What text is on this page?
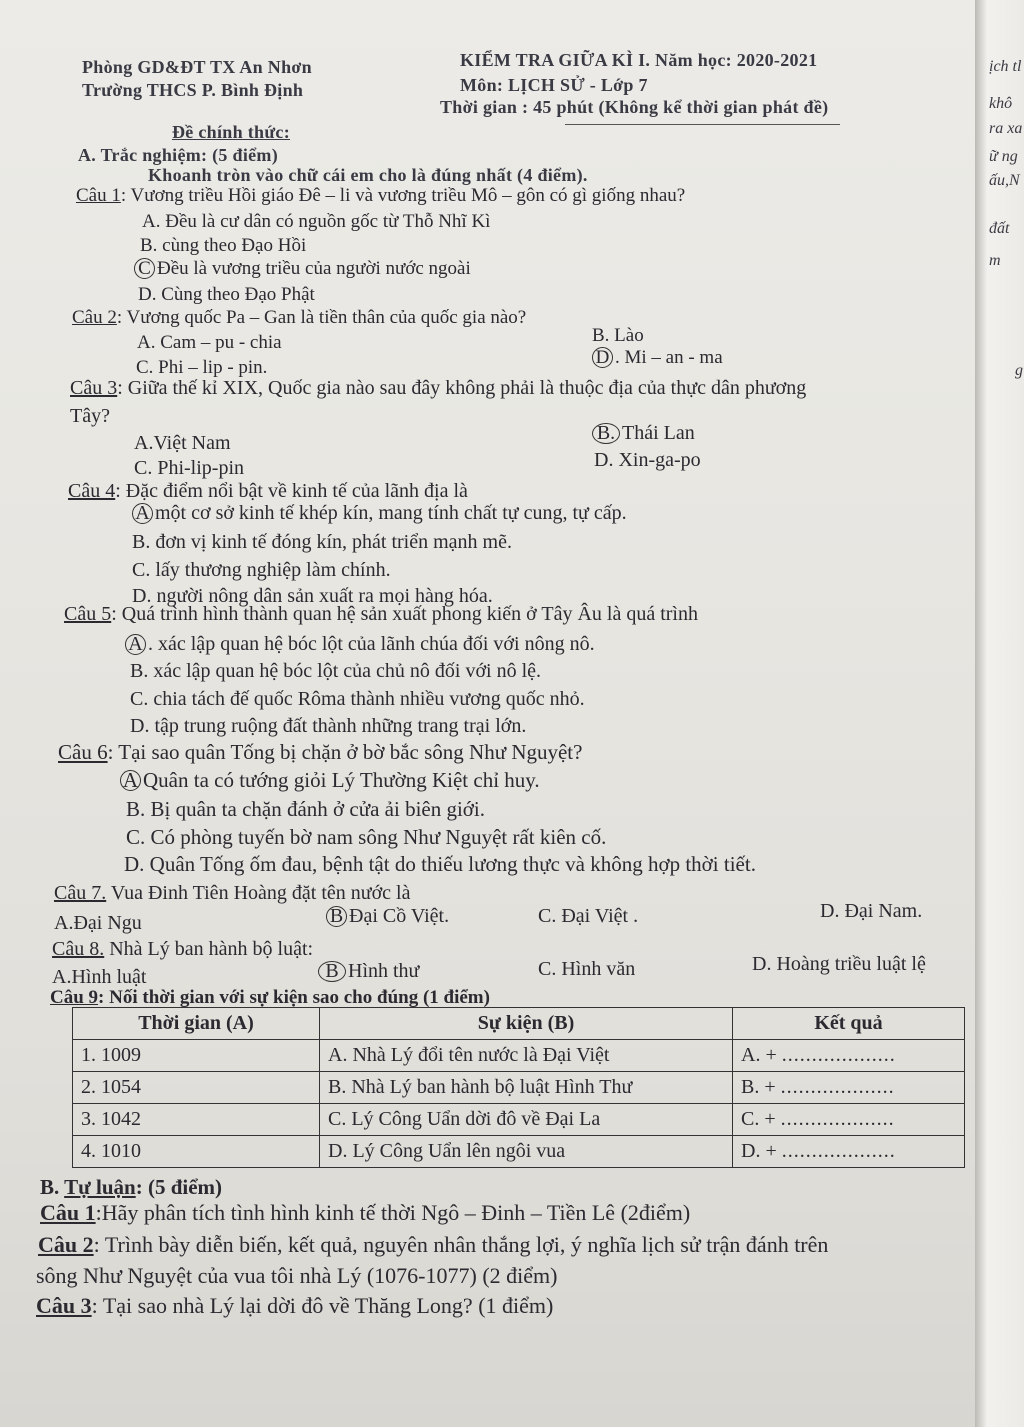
ịch tl
khô
ra xa
ữ ng
ấu,N
đất
m
g
Phòng GD&ĐT TX An Nhơn
Trường THCS P. Bình Định
KIỂM TRA GIỮA KÌ I. Năm học: 2020-2021
Môn: LỊCH SỬ - Lớp 7
Thời gian : 45 phút (Không kể thời gian phát đề)
Đề chính thức:
A. Trắc nghiệm: (5 điểm)
Khoanh tròn vào chữ cái em cho là đúng nhất (4 điểm).
Câu 1: Vương triều Hồi giáo Đê – li và vương triều Mô – gôn có gì giống nhau?
A. Đều là cư dân có nguồn gốc từ Thỗ Nhĩ Kì
B. cùng theo Đạo Hồi
C Đều là vương triều của người nước ngoài
D. Cùng theo Đạo Phật
Câu 2: Vương quốc Pa – Gan là tiền thân của quốc gia nào?
A. Cam – pu - chia	B. Lào
C. Phi – lip - pin.	D . Mi – an - ma
Câu 3: Giữa thế kỉ XIX, Quốc gia nào sau đây không phải là thuộc địa của thực dân phương
Tây?
A.Việt Nam	B. Thái Lan
C. Phi-lip-pin	D. Xin-ga-po
Câu 4: Đặc điểm nổi bật về kinh tế của lãnh địa là
A một cơ sở kinh tế khép kín, mang tính chất tự cung, tự cấp.
B. đơn vị kinh tế đóng kín, phát triển mạnh mẽ.
C. lấy thương nghiệp làm chính.
D. người nông dân sản xuất ra mọi hàng hóa.
Câu 5: Quá trình hình thành quan hệ sản xuất phong kiến ở Tây Âu là quá trình
A . xác lập quan hệ bóc lột của lãnh chúa đối với nông nô.
B. xác lập quan hệ bóc lột của chủ nô đối với nô lệ.
C. chia tách đế quốc Rôma thành nhiều vương quốc nhỏ.
D. tập trung ruộng đất thành những trang trại lớn.
Câu 6: Tại sao quân Tống bị chặn ở bờ bắc sông Như Nguyệt?
A Quân ta có tướng giỏi Lý Thường Kiệt chỉ huy.
B. Bị quân ta chặn đánh ở cửa ải biên giới.
C. Có phòng tuyến bờ nam sông Như Nguyệt rất kiên cố.
D. Quân Tống ốm đau, bệnh tật do thiếu lương thực và không hợp thời tiết.
Câu 7. Vua Đinh Tiên Hoàng đặt tên nước là
A.Đại Ngu	B Đại Cồ Việt.	C. Đại Việt .	D. Đại Nam.
Câu 8. Nhà Lý ban hành bộ luật:
A.Hình luật	B Hình thư	C. Hình văn	D. Hoàng triều luật lệ
Câu 9: Nối thời gian với sự kiện sao cho đúng (1 điểm)
Thời gian (A)	Sự kiện (B)	Kết quả
1. 1009	A. Nhà Lý đổi tên nước là Đại Việt	A. + ...................
2. 1054	B. Nhà Lý ban hành bộ luật Hình Thư	B. + ...................
3. 1042	C. Lý Công Uẩn dời đô về Đại La	C. + ...................
4. 1010	D. Lý Công Uẩn lên ngôi vua	D. + ...................
B. Tự luận: (5 điểm)
Câu 1:Hãy phân tích tình hình kinh tế thời Ngô – Đinh – Tiền Lê (2điểm)
Câu 2: Trình bày diễn biến, kết quả, nguyên nhân thắng lợi, ý nghĩa lịch sử trận đánh trên
sông Như Nguyệt của vua tôi nhà Lý (1076-1077) (2 điểm)
Câu 3: Tại sao nhà Lý lại dời đô về Thăng Long? (1 điểm)
